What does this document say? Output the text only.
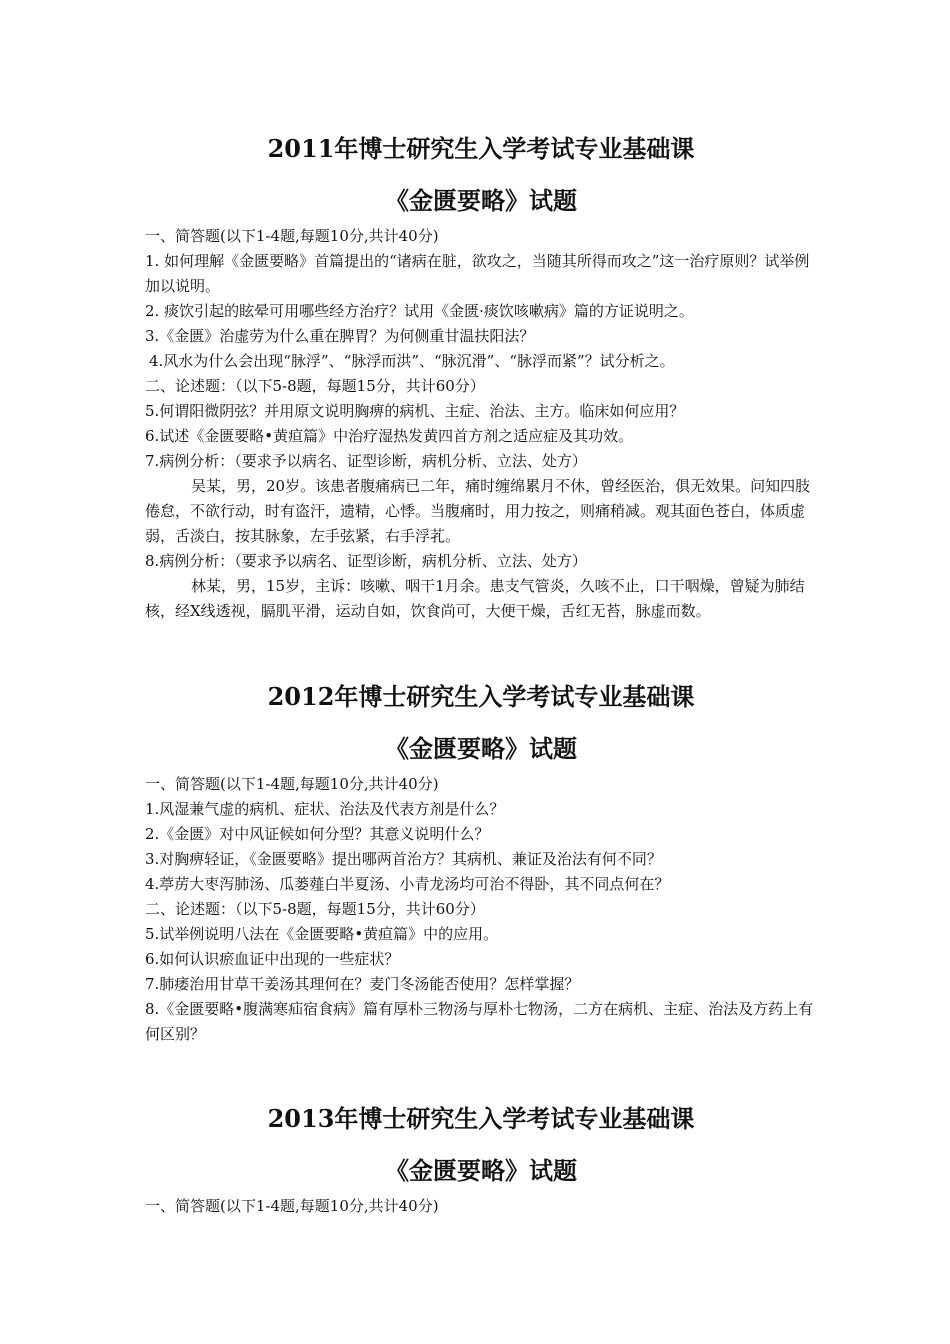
2011年博士研究生入学考试专业基础课
《金匮要略》试题

一、简答题(以下1-4题,每题10分,共计40分)

1. 如何理解《金匮要略》首篇提出的“诸病在脏，欲攻之，当随其所得而攻之”这一治疗原则？试举例加以说明。

2. 痰饮引起的眩晕可用哪些经方治疗？试用《金匮·痰饮咳嗽病》篇的方证说明之。

3.《金匮》治虚劳为什么重在脾胃？为何侧重甘温扶阳法？

4.风水为什么会出现“脉浮”、“脉浮而洪”、“脉沉滑”、“脉浮而紧”？试分析之。

二、论述题：（以下5-8题，每题15分，共计60分）

5.何谓阳微阴弦？并用原文说明胸痹的病机、主症、治法、主方。临床如何应用？

6.试述《金匮要略•黄疸篇》中治疗湿热发黄四首方剂之适应症及其功效。

7.病例分析：（要求予以病名、证型诊断，病机分析、立法、处方）

吴某，男，20岁。该患者腹痛病已二年，痛时缠绵累月不休，曾经医治，俱无效果。问知四肢倦怠，不欲行动，时有盗汗，遗精，心悸。当腹痛时，用力按之，则痛稍减。观其面色苍白，体质虚弱，舌淡白，按其脉象，左手弦紧，右手浮芤。

8.病例分析：（要求予以病名、证型诊断，病机分析、立法、处方）

林某，男，15岁，主诉：咳嗽、咽干1月余。患支气管炎，久咳不止，口干咽燥，曾疑为肺结核，经X线透视，膈肌平滑，运动自如，饮食尚可，大便干燥，舌红无苔，脉虚而数。

2012年博士研究生入学考试专业基础课
《金匮要略》试题

一、简答题(以下1-4题,每题10分,共计40分)

1.风湿兼气虚的病机、症状、治法及代表方剂是什么？

2.《金匮》对中风证候如何分型？其意义说明什么？

3.对胸痹轻证，《金匮要略》提出哪两首治方？其病机、兼证及治法有何不同？

4.葶苈大枣泻肺汤、瓜蒌薤白半夏汤、小青龙汤均可治不得卧，其不同点何在？

二、论述题：（以下5-8题，每题15分，共计60分）

5.试举例说明八法在《金匮要略•黄疸篇》中的应用。

6.如何认识瘀血证中出现的一些症状？

7.肺痿治用甘草干姜汤其理何在？麦门冬汤能否使用？怎样掌握？

8.《金匮要略•腹满寒疝宿食病》篇有厚朴三物汤与厚朴七物汤，二方在病机、主症、治法及方药上有何区别？

2013年博士研究生入学考试专业基础课
《金匮要略》试题

一、简答题(以下1-4题,每题10分,共计40分)
